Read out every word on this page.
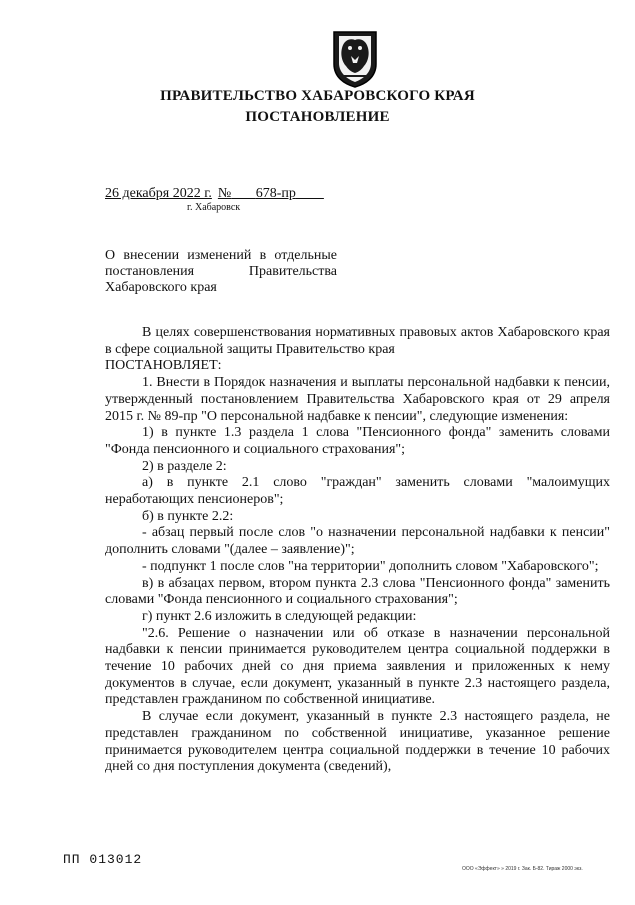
ПРАВИТЕЛЬСТВО ХАБАРОВСКОГО КРАЯ
ПОСТАНОВЛЕНИЕ
26 декабря 2022 г. № 678-пр
г. Хабаровск
О внесении изменений в отдельные
постановления Правительства
Хабаровского края

В целях совершенствования нормативных правовых актов Хабаровского края в сфере социальной защиты Правительство края

ПОСТАНОВЛЯЕТ:

1. Внести в Порядок назначения и выплаты персональной надбавки к пенсии, утвержденный постановлением Правительства Хабаровского края от 29 апреля 2015 г. № 89-пр "О персональной надбавке к пенсии", следующие изменения:

1) в пункте 1.3 раздела 1 слова "Пенсионного фонда" заменить словами "Фонда пенсионного и социального страхования";

2) в разделе 2:

а) в пункте 2.1 слово "граждан" заменить словами "малоимущих неработающих пенсионеров";

б) в пункте 2.2:

- абзац первый после слов "о назначении персональной надбавки к пенсии" дополнить словами "(далее – заявление)";

- подпункт 1 после слов "на территории" дополнить словом "Хабаровского";

в) в абзацах первом, втором пункта 2.3 слова "Пенсионного фонда" заменить словами "Фонда пенсионного и социального страхования";

г) пункт 2.6 изложить в следующей редакции:

"2.6. Решение о назначении или об отказе в назначении персональной надбавки к пенсии принимается руководителем центра социальной поддержки в течение 10 рабочих дней со дня приема заявления и приложенных к нему документов в случае, если документ, указанный в пункте 2.3 настоящего раздела, представлен гражданином по собственной инициативе.

В случае если документ, указанный в пункте 2.3 настоящего раздела, не представлен гражданином по собственной инициативе, указанное решение принимается руководителем центра социальной поддержки в течение 10 рабочих дней со дня поступления документа (сведений),

ПП 013012
ООО «Эффект» » 2019 г. Зак. Б-82. Тираж 2000 экз.
